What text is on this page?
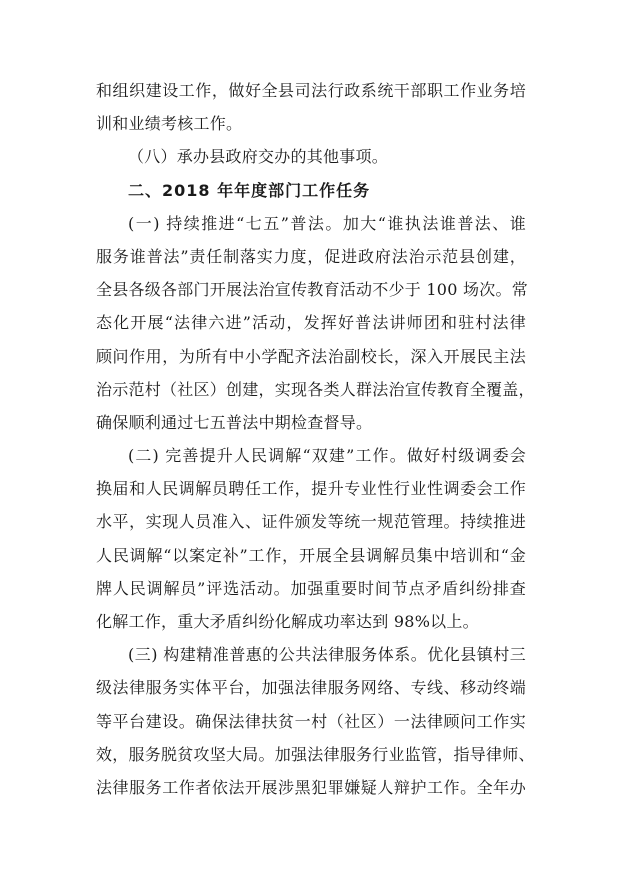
和组织建设工作，做好全县司法行政系统干部职工作业务培
训和业绩考核工作。
（八）承办县政府交办的其他事项。
二、2018 年年度部门工作任务
(一) 持续推进“七五”普法。加大“谁执法谁普法、谁
服务谁普法”责任制落实力度，促进政府法治示范县创建，
全县各级各部门开展法治宣传教育活动不少于 100 场次。常
态化开展“法律六进”活动，发挥好普法讲师团和驻村法律
顾问作用，为所有中小学配齐法治副校长，深入开展民主法
治示范村（社区）创建，实现各类人群法治宣传教育全覆盖，
确保顺利通过七五普法中期检查督导。
(二) 完善提升人民调解“双建”工作。做好村级调委会
换届和人民调解员聘任工作，提升专业性行业性调委会工作
水平，实现人员准入、证件颁发等统一规范管理。持续推进
人民调解“以案定补”工作，开展全县调解员集中培训和“金
牌人民调解员”评选活动。加强重要时间节点矛盾纠纷排查
化解工作，重大矛盾纠纷化解成功率达到 98%以上。
(三) 构建精准普惠的公共法律服务体系。优化县镇村三
级法律服务实体平台，加强法律服务网络、专线、移动终端
等平台建设。确保法律扶贫一村（社区）一法律顾问工作实
效，服务脱贫攻坚大局。加强法律服务行业监管，指导律师、
法律服务工作者依法开展涉黑犯罪嫌疑人辩护工作。全年办
